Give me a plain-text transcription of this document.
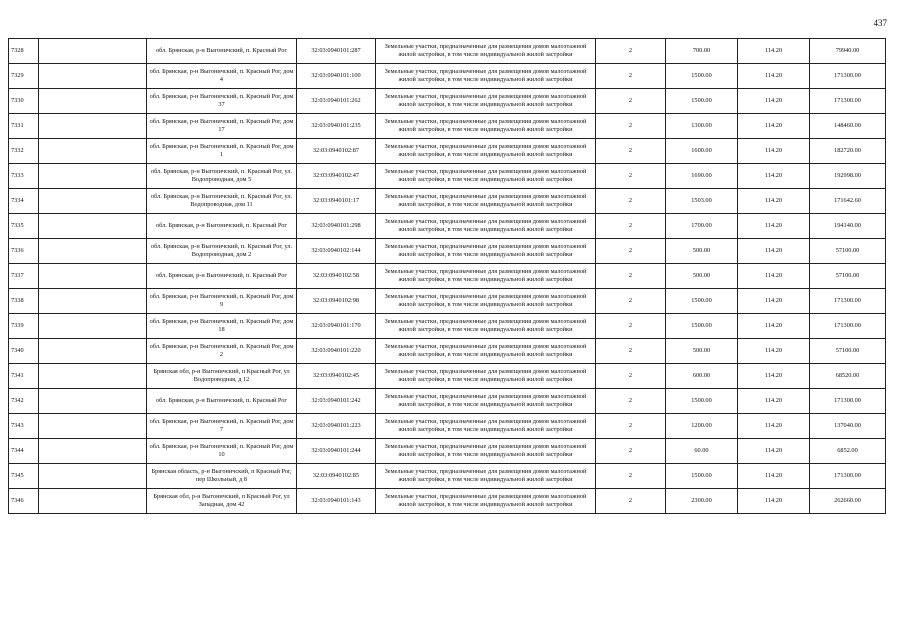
437
7328		обл. Брянская, р-н Выгоничский, п. Красный Рог	32:03:0940101:287	Земельные участки, предназначенные для размещения домов малоэтажной жилой застройки, в том числе индивидуальной жилой застройки	2	700.00	114.20	79940.00
7329		обл. Брянская, р-н Выгоничский, п. Красный Рог, дом 4	32:03:0940101:100	Земельные участки, предназначенные для размещения домов малоэтажной жилой застройки, в том числе индивидуальной жилой застройки	2	1500.00	114.20	171300.00
7330		обл. Брянская, р-н Выгоничский, п. Красный Рог, дом 37	32:03:0940101:262	Земельные участки, предназначенные для размещения домов малоэтажной жилой застройки, в том числе индивидуальной жилой застройки	2	1500.00	114.20	171300.00
7331		обл. Брянская, р-н Выгоничский, п. Красный Рог, дом 17	32:03:0940101:235	Земельные участки, предназначенные для размещения домов малоэтажной жилой застройки, в том числе индивидуальной жилой застройки	2	1300.00	114.20	148460.00
7332		обл. Брянская, р-н Выгоничский, п. Красный Рог, дом 1	32:03:0940102:87	Земельные участки, предназначенные для размещения домов малоэтажной жилой застройки, в том числе индивидуальной жилой застройки	2	1600.00	114.20	182720.00
7333		обл. Брянская, р-н Выгоничский, п. Красный Рог, ул. Водопроводная, дом 5	32:03:0940102:47	Земельные участки, предназначенные для размещения домов малоэтажной жилой застройки, в том числе индивидуальной жилой застройки	2	1690.00	114.20	192998.00
7334		обл. Брянская, р-н Выгоничский, п. Красный Рог, ул. Водопроводная, дом 11	32:03:0940101:17	Земельные участки, предназначенные для размещения домов малоэтажной жилой застройки, в том числе индивидуальной жилой застройки	2	1503.00	114.20	171642.60
7335		обл. Брянская, р-н Выгоничский, п. Красный Рог	32:03:0940101:298	Земельные участки, предназначенные для размещения домов малоэтажной жилой застройки, в том числе индивидуальной жилой застройки	2	1700.00	114.20	194140.00
7336		обл. Брянская, р-н Выгоничский, п. Красный Рог, ул. Водопроводная, дом 2	32:03:0940102:144	Земельные участки, предназначенные для размещения домов малоэтажной жилой застройки, в том числе индивидуальной жилой застройки	2	500.00	114.20	57100.00
7337		обл. Брянская, р-н Выгоничский, п. Красный Рог	32:03:0940102:58	Земельные участки, предназначенные для размещения домов малоэтажной жилой застройки, в том числе индивидуальной жилой застройки	2	500.00	114.20	57100.00
7338		обл. Брянская, р-н Выгоничский, п. Красный Рог, дом 9	32:03:0940102:98	Земельные участки, предназначенные для размещения домов малоэтажной жилой застройки, в том числе индивидуальной жилой застройки	2	1500.00	114.20	171300.00
7339		обл. Брянская, р-н Выгоничский, п. Красный Рог, дом 18	32:03:0940101:170	Земельные участки, предназначенные для размещения домов малоэтажной жилой застройки, в том числе индивидуальной жилой застройки	2	1500.00	114.20	171300.00
7340		обл. Брянская, р-н Выгоничский, п. Красный Рог, дом 2	32:03:0940101:220	Земельные участки, предназначенные для размещения домов малоэтажной жилой застройки, в том числе индивидуальной жилой застройки	2	500.00	114.20	57100.00
7341		Брянская обл, р-н Выгоничский, п Красный Рог, ул Водопроводная, д 12	32:03:0940102:45	Земельные участки, предназначенные для размещения домов малоэтажной жилой застройки, в том числе индивидуальной жилой застройки	2	600.00	114.20	68520.00
7342		обл. Брянская, р-н Выгоничский, п. Красный Рог	32:03:0940101:242	Земельные участки, предназначенные для размещения домов малоэтажной жилой застройки, в том числе индивидуальной жилой застройки	2	1500.00	114.20	171300.00
7343		обл. Брянская, р-н Выгоничский, п. Красный Рог, дом 7	32:03:0940101:223	Земельные участки, предназначенные для размещения домов малоэтажной жилой застройки, в том числе индивидуальной жилой застройки	2	1200.00	114.20	137040.00
7344		обл. Брянская, р-н Выгоничский, п. Красный Рог, дом 10	32:03:0940101:244	Земельные участки, предназначенные для размещения домов малоэтажной жилой застройки, в том числе индивидуальной жилой застройки	2	60.00	114.20	6852.00
7345		Брянская область, р-н Выгоничский, п Красный Рог, пер Школьный, д 8	32:03:0940102:85	Земельные участки, предназначенные для размещения домов малоэтажной жилой застройки, в том числе индивидуальной жилой застройки	2	1500.00	114.20	171300.00
7346		Брянская обл, р-н Выгоничский, п Красный Рог, ул Западная, дом 42	32:03:0940101:143	Земельные участки, предназначенные для размещения домов малоэтажной жилой застройки, в том числе индивидуальной жилой застройки	2	2300.00	114.20	262660.00
